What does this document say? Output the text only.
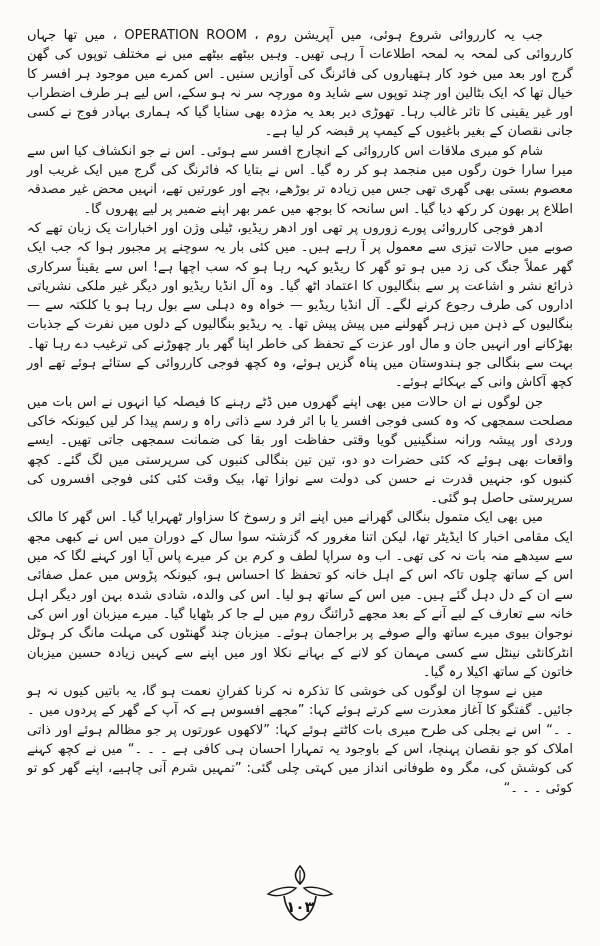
جب یہ کارروائی شروع ہوئی، میں آپریشن روم ، OPERATION ROOM ، میں تھا جہاں کارروائی کی لمحہ بہ لمحہ اطلاعات آ رہی تھیں۔ وہیں بیٹھے بیٹھے میں نے مختلف توپوں کی گھن گرج اور بعد میں خود کار ہتھیاروں کی فائرنگ کی آوازیں سنیں۔ اس کمرے میں موجود ہر افسر کا خیال تھا کہ ایک بٹالین اور چند توپوں سے شاید وہ مورچہ سر نہ ہو سکے، اس لیے ہر طرف اضطراب اور غیر یقینی کا تاثر غالب رہا۔ تھوڑی دیر بعد یہ مژدہ بھی سنایا گیا کہ ہماری بہادر فوج نے کسی جانی نقصان کے بغیر باغیوں کے کیمپ پر قبضہ کر لیا ہے۔

شام کو میری ملاقات اس کارروائی کے انچارج افسر سے ہوئی۔ اس نے جو انکشاف کیا اس سے میرا سارا خون رگوں میں منجمد ہو کر رہ گیا۔ اس نے بتایا کہ فائرنگ کی گرج میں ایک غریب اور معصوم بستی بھی گھری تھی جس میں زیادہ تر بوڑھے، بچے اور عورتیں تھے، انہیں محض غیر مصدقہ اطلاع پر بھون کر رکھ دیا گیا۔ اس سانحہ کا بوجھ میں عمر بھر اپنے ضمیر پر لیے پھروں گا۔

ادھر فوجی کارروائی پورے زوروں پر تھی اور ادھر ریڈیو، ٹیلی وژن اور اخبارات یک زبان تھے کہ صوبے میں حالات تیزی سے معمول پر آ رہے ہیں۔ میں کئی بار یہ سوچنے پر مجبور ہوا کہ جب ایک گھر عملاً جنگ کی زد میں ہو تو گھر کا ریڈیو کہہ رہا ہو کہ سب اچھا ہے! اس سے یقیناً سرکاری ذرائع نشر و اشاعت پر سے بنگالیوں کا اعتماد اٹھ گیا۔ وہ آل انڈیا ریڈیو اور دیگر غیر ملکی نشریاتی اداروں کی طرف رجوع کرنے لگے۔ آل انڈیا ریڈیو — خواہ وہ دہلی سے بول رہا ہو یا کلکتہ سے — بنگالیوں کے ذہن میں زہر گھولنے میں پیش پیش تھا۔ یہ ریڈیو بنگالیوں کے دلوں میں نفرت کے جذبات بھڑکانے اور انہیں جان و مال اور عزت کے تحفظ کی خاطر اپنا گھر بار چھوڑنے کی ترغیب دے رہا تھا۔ بہت سے بنگالی جو ہندوستان میں پناہ گزیں ہوئے، وہ کچھ فوجی کارروائی کے ستائے ہوئے تھے اور کچھ آکاش وانی کے بہکائے ہوئے۔

جن لوگوں نے ان حالات میں بھی اپنے گھروں میں ڈٹے رہنے کا فیصلہ کیا انہوں نے اس بات میں مصلحت سمجھی کہ وہ کسی فوجی افسر یا با اثر فرد سے ذاتی راہ و رسم پیدا کر لیں کیونکہ خاکی وردی اور پیشہ ورانہ سنگینیں گویا وقتی حفاظت اور بقا کی ضمانت سمجھی جاتی تھیں۔ ایسے واقعات بھی ہوئے کہ کئی حضرات دو دو، تین تین بنگالی کنبوں کی سرپرستی میں لگ گئے۔ کچھ کنبوں کو، جنہیں قدرت نے حسن کی دولت سے نوازا تھا، بیک وقت کئی کئی فوجی افسروں کی سرپرستی حاصل ہو گئی۔

میں بھی ایک متمول بنگالی گھرانے میں اپنے اثر و رسوخ کا سزاوار ٹھہرایا گیا۔ اس گھر کا مالک ایک مقامی اخبار کا ایڈیٹر تھا، لیکن اتنا مغرور کہ گزشتہ سوا سال کے دوران میں اس نے کبھی مجھ سے سیدھے منہ بات نہ کی تھی۔ اب وہ سراپا لطف و کرم بن کر میرے پاس آیا اور کہنے لگا کہ میں اس کے ساتھ چلوں تاکہ اس کے اہل خانہ کو تحفظ کا احساس ہو، کیونکہ پڑوس میں عمل صفائی سے ان کے دل دہل گئے ہیں۔ میں اس کے ساتھ ہو لیا۔ اس کی والدہ، شادی شدہ بہن اور دیگر اہل خانہ سے تعارف کے لیے آنے کے بعد مجھے ڈرائنگ روم میں لے جا کر بٹھایا گیا۔ میرے میزبان اور اس کی نوجوان بیوی میرے ساتھ والے صوفے پر براجمان ہوئے۔ میزبان چند گھنٹوں کی مہلت مانگ کر ہوٹل انٹرکانٹی نینٹل سے کسی مہمان کو لانے کے بہانے نکلا اور میں اپنے سے کہیں زیادہ حسین میزبان خاتون کے ساتھ اکیلا رہ گیا۔

میں نے سوچا ان لوگوں کی خوشی کا تذکرہ نہ کرنا کفرانِ نعمت ہو گا، یہ باتیں کیوں نہ ہو جائیں۔ گفتگو کا آغاز معذرت سے کرتے ہوئے کہا: ”مجھے افسوس ہے کہ آپ کے گھر کے پردوں میں ۔ ۔ ۔“ اس نے بجلی کی طرح میری بات کاٹتے ہوئے کہا: ”لاکھوں عورتوں پر جو مظالم ہوئے اور ذاتی املاک کو جو نقصان پہنچا، اس کے باوجود یہ تمہارا احسان ہی کافی ہے ۔ ۔ ۔“ میں نے کچھ کہنے کی کوشش کی، مگر وہ طوفانی انداز میں کہتی چلی گئی: ”تمہیں شرم آنی چاہیے، اپنے گھر کو تو کوئی ۔ ۔ ۔“

۱۰۳
